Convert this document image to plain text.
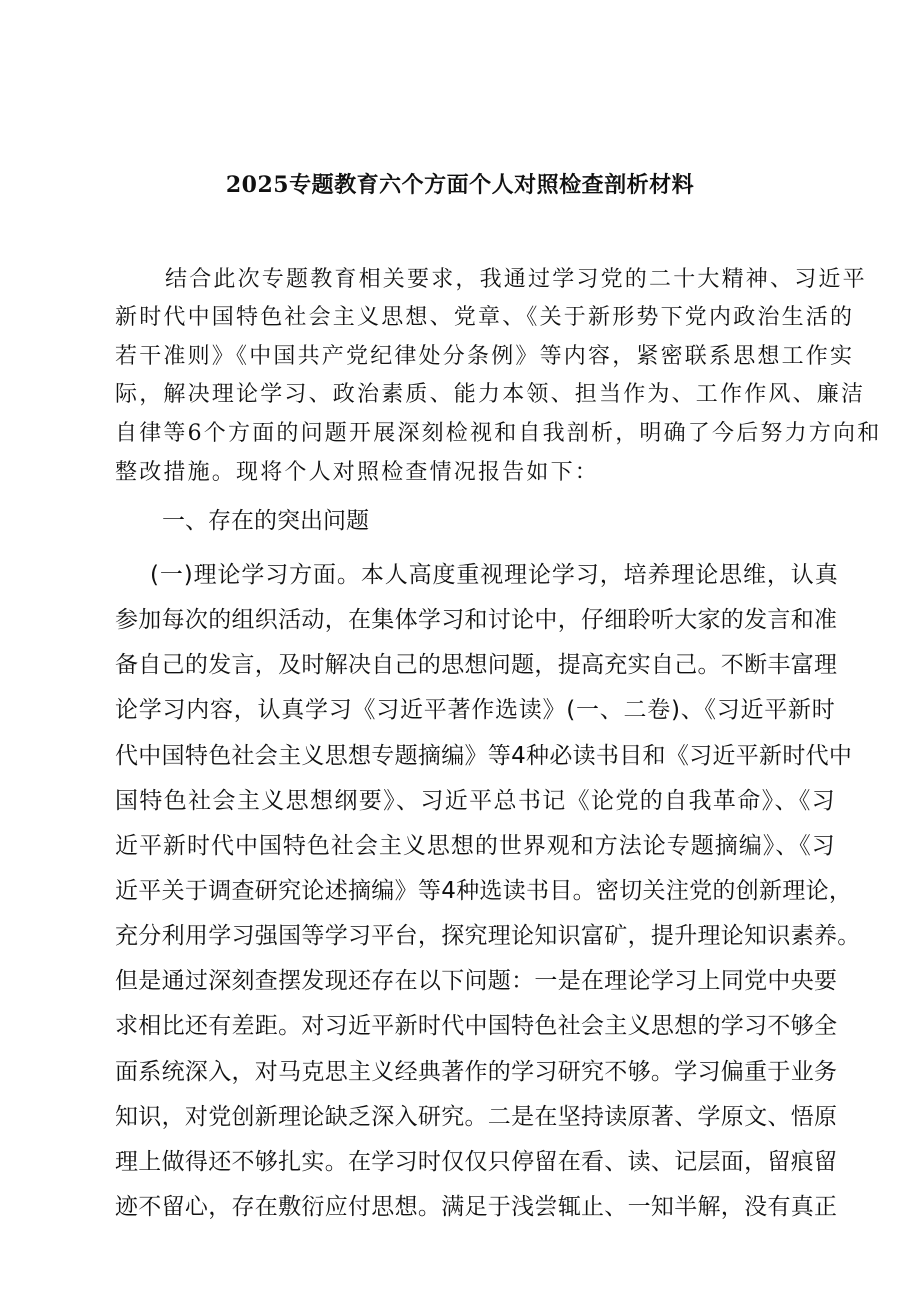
2025专题教育六个方面个人对照检查剖析材料
结合此次专题教育相关要求，我通过学习党的二十大精神、习近平
新时代中国特色社会主义思想、党章、《关于新形势下党内政治生活的
若干准则》《中国共产党纪律处分条例》等内容，紧密联系思想工作实
际，解决理论学习、政治素质、能力本领、担当作为、工作作风、廉洁
自律等6个方面的问题开展深刻检视和自我剖析，明确了今后努力方向和
整改措施。现将个人对照检查情况报告如下：
一、存在的突出问题
(一)理论学习方面。本人高度重视理论学习，培养理论思维，认真
参加每次的组织活动，在集体学习和讨论中，仔细聆听大家的发言和准
备自己的发言，及时解决自己的思想问题，提高充实自己。不断丰富理
论学习内容，认真学习《习近平著作选读》(一、二卷)、《习近平新时
代中国特色社会主义思想专题摘编》等4种必读书目和《习近平新时代中
国特色社会主义思想纲要》、习近平总书记《论党的自我革命》、《习
近平新时代中国特色社会主义思想的世界观和方法论专题摘编》、《习
近平关于调查研究论述摘编》等4种选读书目。密切关注党的创新理论，
充分利用学习强国等学习平台，探究理论知识富矿，提升理论知识素养。
但是通过深刻查摆发现还存在以下问题：一是在理论学习上同党中央要
求相比还有差距。对习近平新时代中国特色社会主义思想的学习不够全
面系统深入，对马克思主义经典著作的学习研究不够。学习偏重于业务
知识，对党创新理论缺乏深入研究。二是在坚持读原著、学原文、悟原
理上做得还不够扎实。在学习时仅仅只停留在看、读、记层面，留痕留
迹不留心，存在敷衍应付思想。满足于浅尝辄止、一知半解，没有真正
